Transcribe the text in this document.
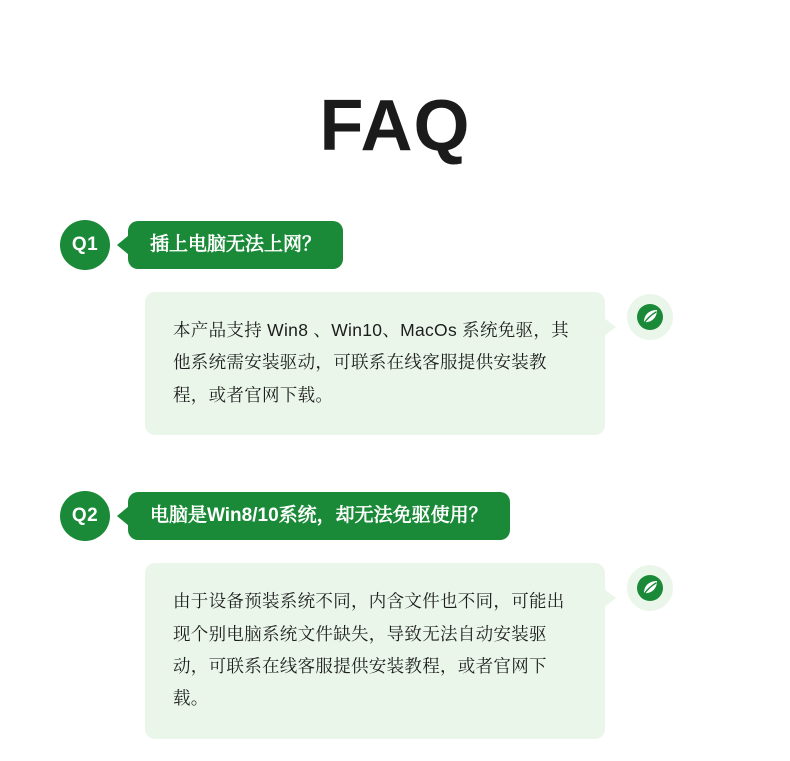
FAQ
Q1	插上电脑无法上网？

本产品支持 Win8 、Win10、MacOs 系统免驱，其他系统需安装驱动，可联系在线客服提供安装教程，或者官网下载。

Q2	电脑是Win8/10系统，却无法免驱使用？

由于设备预装系统不同，内含文件也不同，可能出现个别电脑系统文件缺失，导致无法自动安装驱动，可联系在线客服提供安装教程，或者官网下载。
